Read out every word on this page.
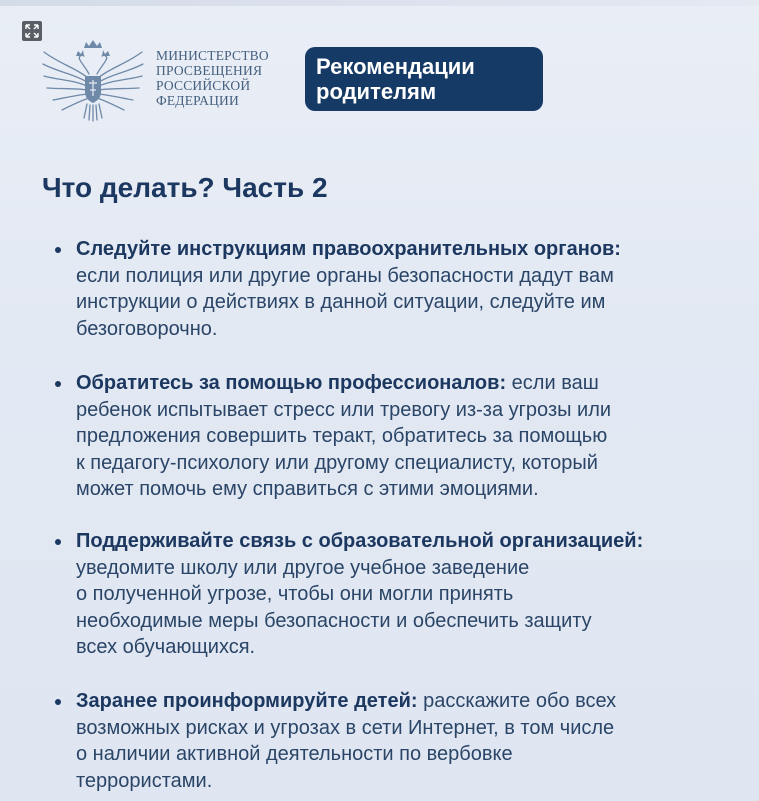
МИНИСТЕРСТВО
ПРОСВЕЩЕНИЯ
РОССИЙСКОЙ
ФЕДЕРАЦИИ
Рекомендации
родителям
Что делать? Часть 2
Следуйте инструкциям правоохранительных органов:
если полиция или другие органы безопасности дадут вам
инструкции о действиях в данной ситуации, следуйте им
безоговорочно.
Обратитесь за помощью профессионалов: если ваш
ребенок испытывает стресс или тревогу из-за угрозы или
предложения совершить теракт, обратитесь за помощью
к педагогу-психологу или другому специалисту, который
может помочь ему справиться с этими эмоциями.
Поддерживайте связь с образовательной организацией:
уведомите школу или другое учебное заведение
о полученной угрозе, чтобы они могли принять
необходимые меры безопасности и обеспечить защиту
всех обучающихся.
Заранее проинформируйте детей: расскажите обо всех
возможных рисках и угрозах в сети Интернет, в том числе
о наличии активной деятельности по вербовке
террористами.
